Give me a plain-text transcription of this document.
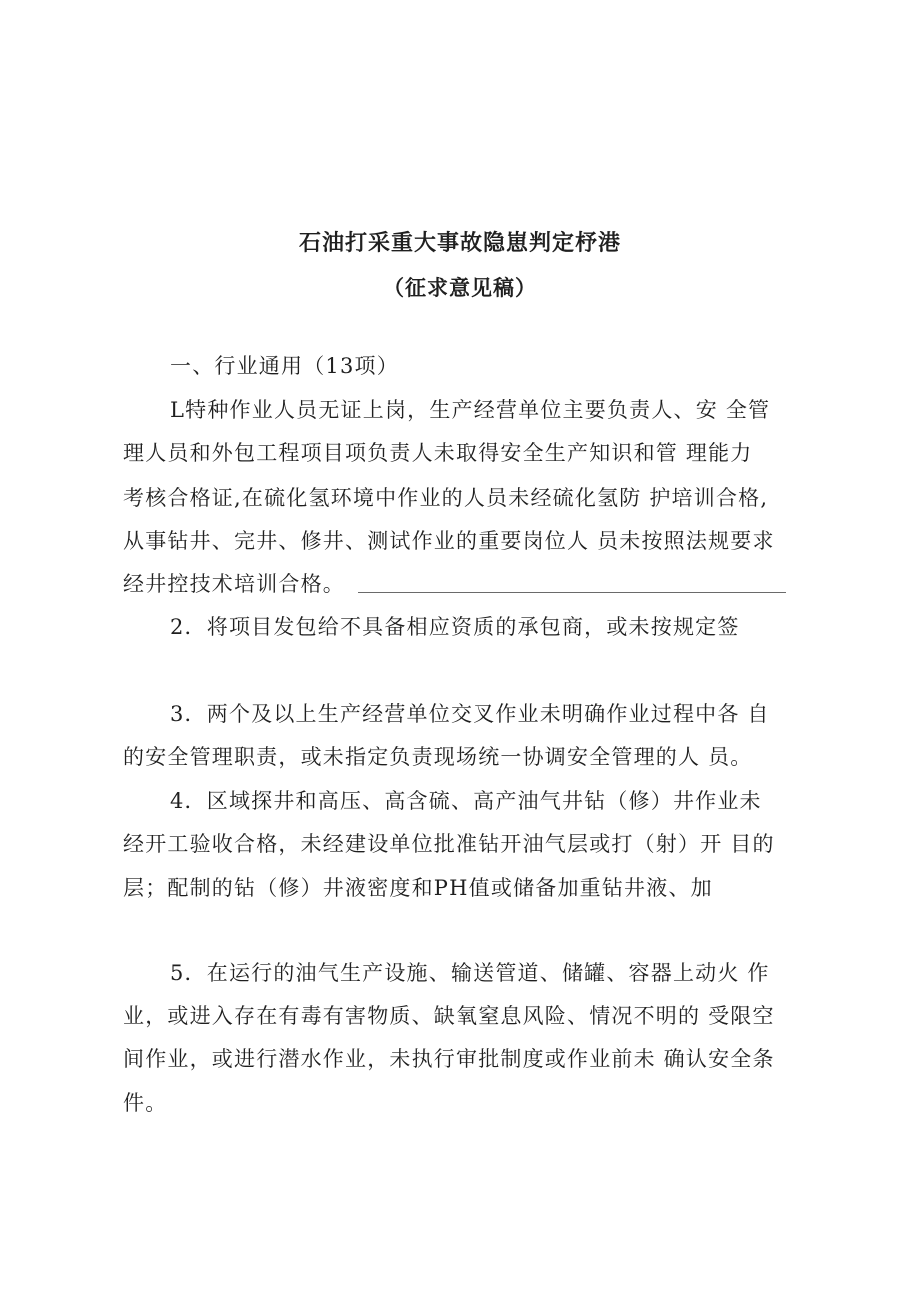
石油打采重大事故隐崽判定杼港
（征求意见稿）
一、行业通用（13项）
L特种作业人员无证上岗，生产经营单位主要负责人、安 全管
理人员和外包工程项目项负责人未取得安全生产知识和管 理能力
考核合格证,在硫化氢环境中作业的人员未经硫化氢防 护培训合格,
从事钻井、完井、修井、测试作业的重要岗位人 员未按照法规要求
经井控技术培训合格。
2．将项目发包给不具备相应资质的承包商，或未按规定签
3．两个及以上生产经营单位交叉作业未明确作业过程中各 自
的安全管理职责，或未指定负责现场统一协调安全管理的人 员。
4．区域探井和高压、高含硫、高产油气井钻（修）井作业未
经开工验收合格，未经建设单位批准钻开油气层或打（射）开 目的
层；配制的钻（修）井液密度和PH值或储备加重钻井液、加
5．在运行的油气生产设施、输送管道、储罐、容器上动火 作
业，或进入存在有毒有害物质、缺氧窒息风险、情况不明的 受限空
间作业，或进行潜水作业，未执行审批制度或作业前未 确认安全条
件。
